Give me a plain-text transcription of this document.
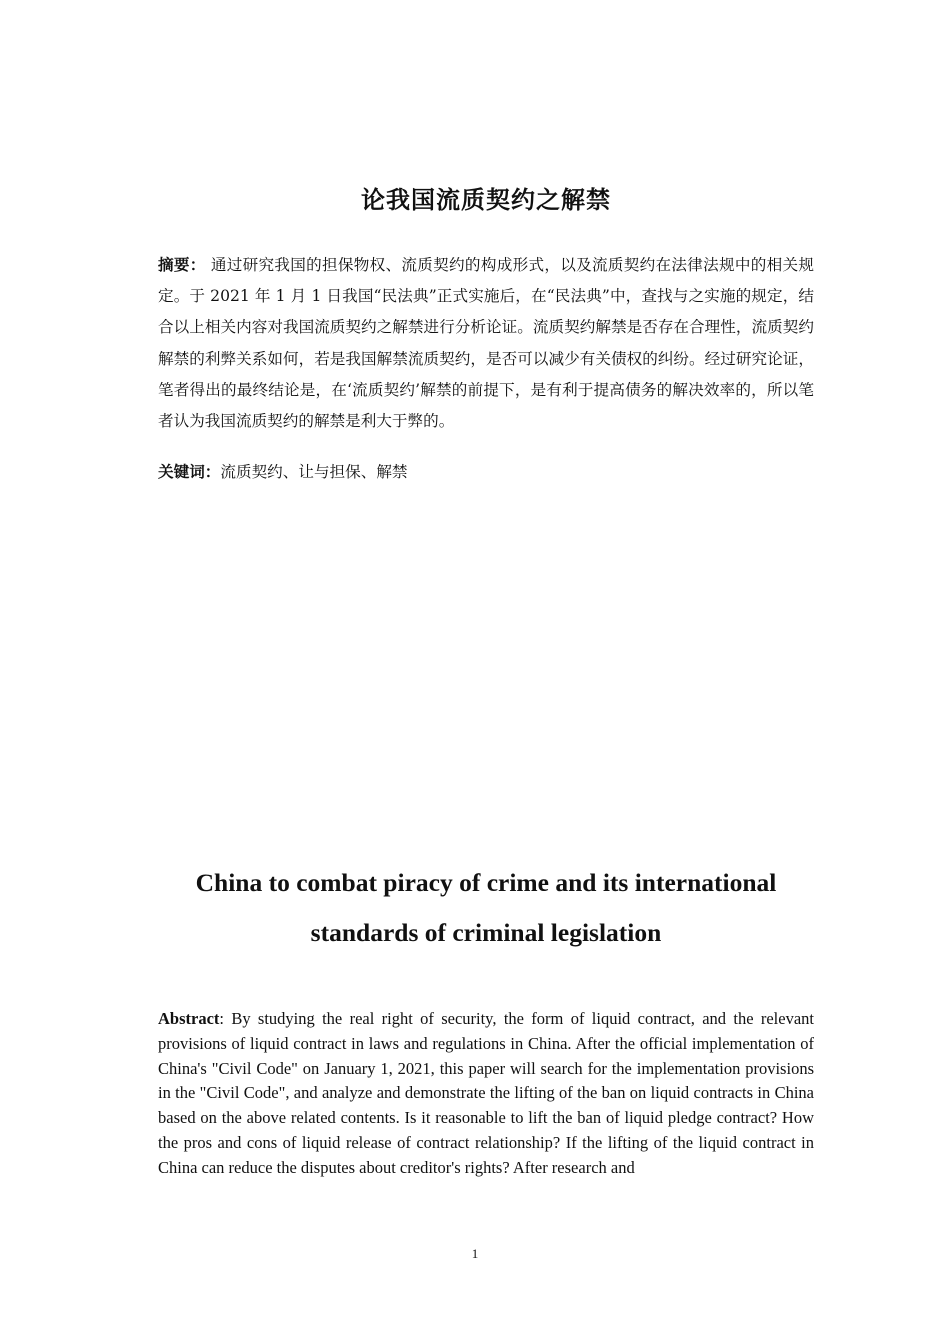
论我国流质契约之解禁
摘要： 通过研究我国的担保物权、流质契约的构成形式，以及流质契约在法律法规中的相关规定。于 2021 年 1 月 1 日我国“民法典”正式实施后，在“民法典”中，查找与之实施的规定，结合以上相关内容对我国流质契约之解禁进行分析论证。流质契约解禁是否存在合理性，流质契约解禁的利弊关系如何，若是我国解禁流质契约，是否可以减少有关债权的纠纷。经过研究论证，笔者得出的最终结论是，在‘流质契约’解禁的前提下，是有利于提高债务的解决效率的，所以笔者认为我国流质契约的解禁是利大于弊的。
关键词：流质契约、让与担保、解禁
China to combat piracy of crime and its international standards of criminal legislation
Abstract: By studying the real right of security, the form of liquid contract, and the relevant provisions of liquid contract in laws and regulations in China. After the official implementation of China's "Civil Code" on January 1, 2021, this paper will search for the implementation provisions in the "Civil Code", and analyze and demonstrate the lifting of the ban on liquid contracts in China based on the above related contents. Is it reasonable to lift the ban of liquid pledge contract? How the pros and cons of liquid release of contract relationship? If the lifting of the liquid contract in China can reduce the disputes about creditor's rights? After research and
1
